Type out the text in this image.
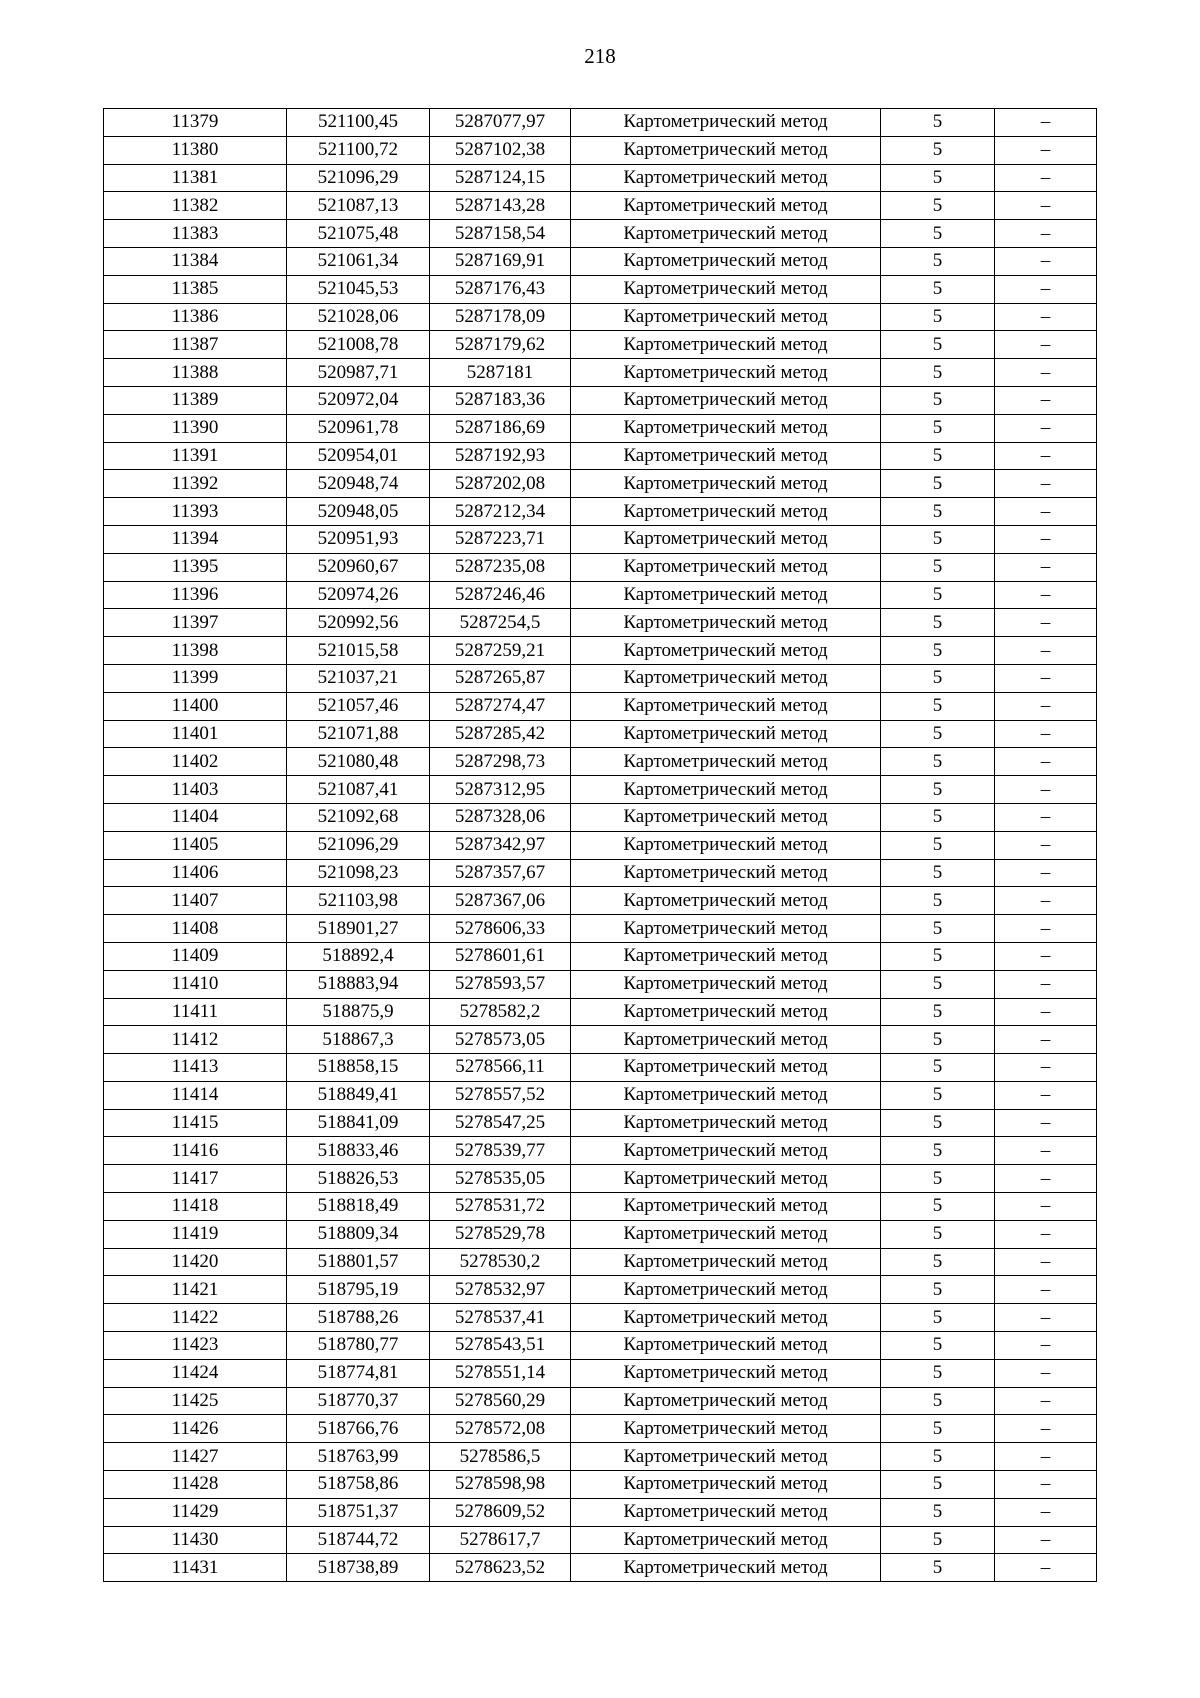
218
11379	521100,45	5287077,97	Картометрический метод	5	–
11380	521100,72	5287102,38	Картометрический метод	5	–
11381	521096,29	5287124,15	Картометрический метод	5	–
11382	521087,13	5287143,28	Картометрический метод	5	–
11383	521075,48	5287158,54	Картометрический метод	5	–
11384	521061,34	5287169,91	Картометрический метод	5	–
11385	521045,53	5287176,43	Картометрический метод	5	–
11386	521028,06	5287178,09	Картометрический метод	5	–
11387	521008,78	5287179,62	Картометрический метод	5	–
11388	520987,71	5287181	Картометрический метод	5	–
11389	520972,04	5287183,36	Картометрический метод	5	–
11390	520961,78	5287186,69	Картометрический метод	5	–
11391	520954,01	5287192,93	Картометрический метод	5	–
11392	520948,74	5287202,08	Картометрический метод	5	–
11393	520948,05	5287212,34	Картометрический метод	5	–
11394	520951,93	5287223,71	Картометрический метод	5	–
11395	520960,67	5287235,08	Картометрический метод	5	–
11396	520974,26	5287246,46	Картометрический метод	5	–
11397	520992,56	5287254,5	Картометрический метод	5	–
11398	521015,58	5287259,21	Картометрический метод	5	–
11399	521037,21	5287265,87	Картометрический метод	5	–
11400	521057,46	5287274,47	Картометрический метод	5	–
11401	521071,88	5287285,42	Картометрический метод	5	–
11402	521080,48	5287298,73	Картометрический метод	5	–
11403	521087,41	5287312,95	Картометрический метод	5	–
11404	521092,68	5287328,06	Картометрический метод	5	–
11405	521096,29	5287342,97	Картометрический метод	5	–
11406	521098,23	5287357,67	Картометрический метод	5	–
11407	521103,98	5287367,06	Картометрический метод	5	–
11408	518901,27	5278606,33	Картометрический метод	5	–
11409	518892,4	5278601,61	Картометрический метод	5	–
11410	518883,94	5278593,57	Картометрический метод	5	–
11411	518875,9	5278582,2	Картометрический метод	5	–
11412	518867,3	5278573,05	Картометрический метод	5	–
11413	518858,15	5278566,11	Картометрический метод	5	–
11414	518849,41	5278557,52	Картометрический метод	5	–
11415	518841,09	5278547,25	Картометрический метод	5	–
11416	518833,46	5278539,77	Картометрический метод	5	–
11417	518826,53	5278535,05	Картометрический метод	5	–
11418	518818,49	5278531,72	Картометрический метод	5	–
11419	518809,34	5278529,78	Картометрический метод	5	–
11420	518801,57	5278530,2	Картометрический метод	5	–
11421	518795,19	5278532,97	Картометрический метод	5	–
11422	518788,26	5278537,41	Картометрический метод	5	–
11423	518780,77	5278543,51	Картометрический метод	5	–
11424	518774,81	5278551,14	Картометрический метод	5	–
11425	518770,37	5278560,29	Картометрический метод	5	–
11426	518766,76	5278572,08	Картометрический метод	5	–
11427	518763,99	5278586,5	Картометрический метод	5	–
11428	518758,86	5278598,98	Картометрический метод	5	–
11429	518751,37	5278609,52	Картометрический метод	5	–
11430	518744,72	5278617,7	Картометрический метод	5	–
11431	518738,89	5278623,52	Картометрический метод	5	–
